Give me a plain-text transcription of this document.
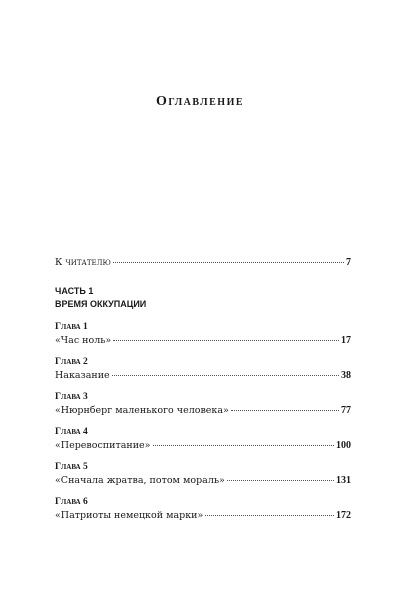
Оглавление
К читателю	7
ЧАСТЬ 1
ВРЕМЯ ОККУПАЦИИ
Глава 1
«Час ноль»	17
Глава 2
Наказание	38
Глава 3
«Нюрнберг маленького человека»	77
Глава 4
«Перевоспитание»	100
Глава 5
«Сначала жратва, потом мораль»	131
Глава 6
«Патриоты немецкой марки»	172
